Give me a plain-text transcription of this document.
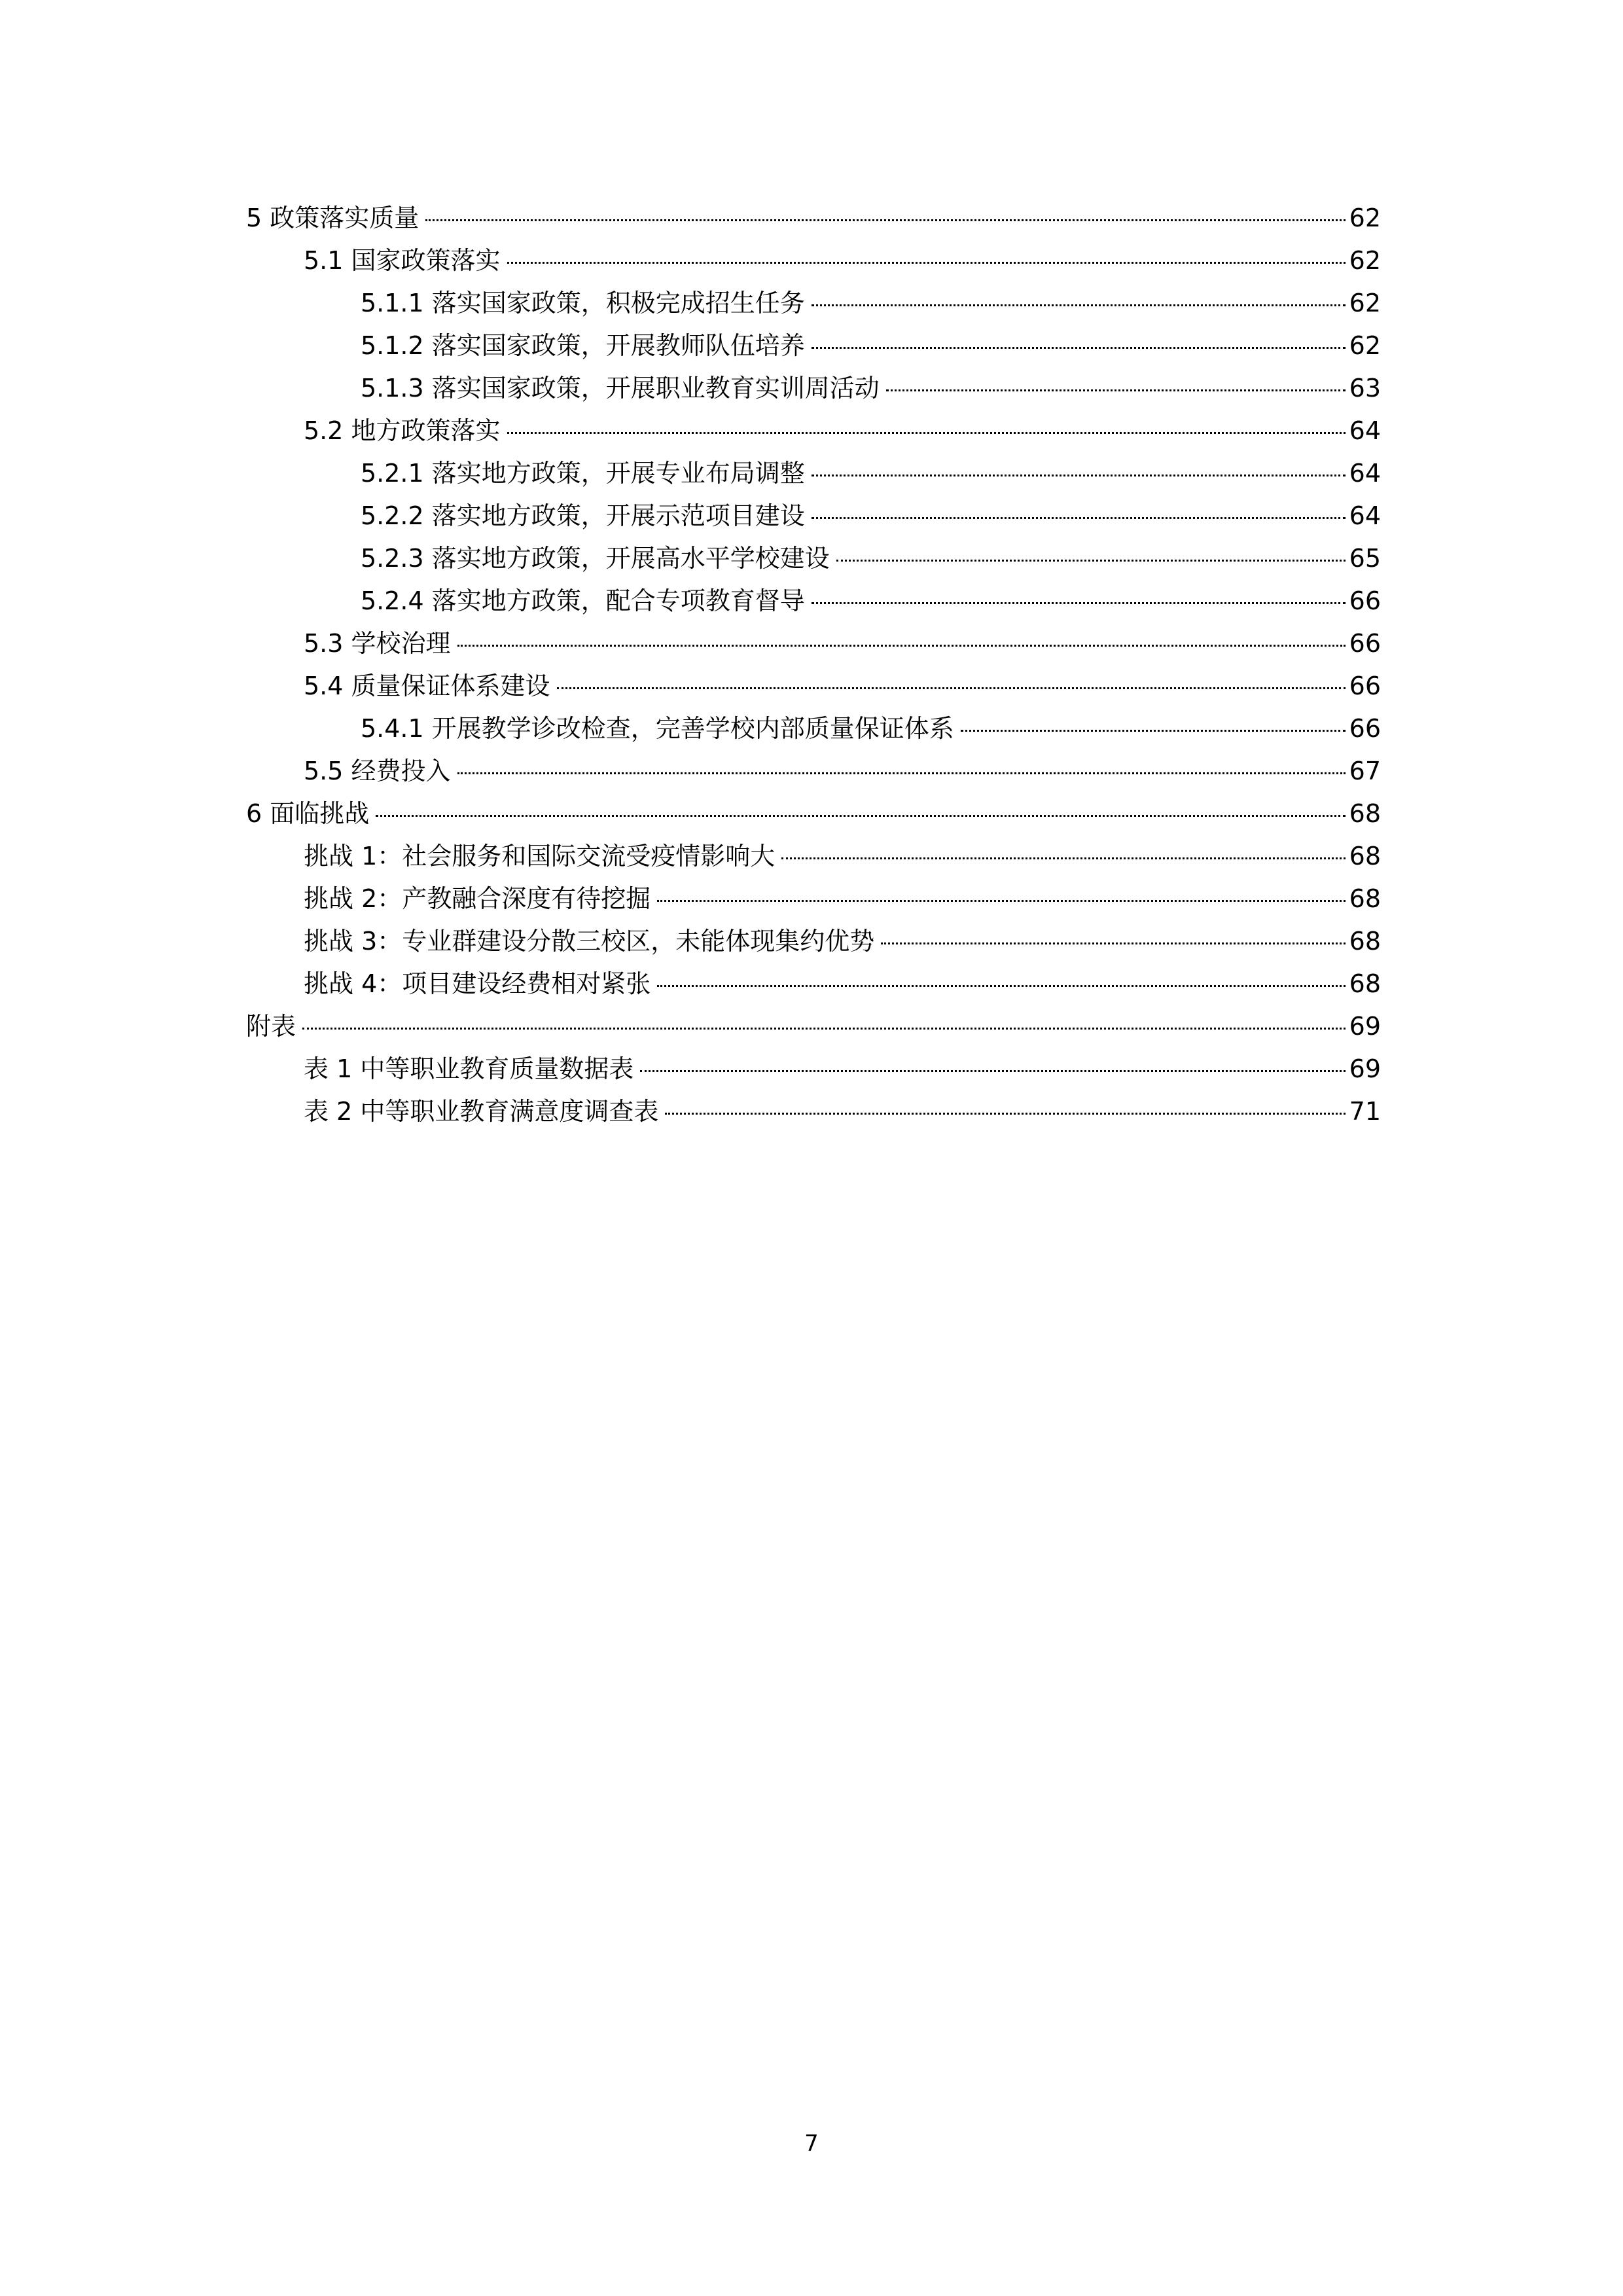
5 政策落实质量	62
5.1 国家政策落实	62
5.1.1 落实国家政策，积极完成招生任务	62
5.1.2 落实国家政策，开展教师队伍培养	62
5.1.3 落实国家政策，开展职业教育实训周活动	63
5.2 地方政策落实	64
5.2.1 落实地方政策，开展专业布局调整	64
5.2.2 落实地方政策，开展示范项目建设	64
5.2.3 落实地方政策，开展高水平学校建设	65
5.2.4 落实地方政策，配合专项教育督导	66
5.3 学校治理	66
5.4 质量保证体系建设	66
5.4.1 开展教学诊改检查，完善学校内部质量保证体系	66
5.5 经费投入	67
6 面临挑战	68
挑战 1：社会服务和国际交流受疫情影响大	68
挑战 2：产教融合深度有待挖掘	68
挑战 3：专业群建设分散三校区，未能体现集约优势	68
挑战 4：项目建设经费相对紧张	68
附表	69
表 1 中等职业教育质量数据表	69
表 2 中等职业教育满意度调查表	71
7
